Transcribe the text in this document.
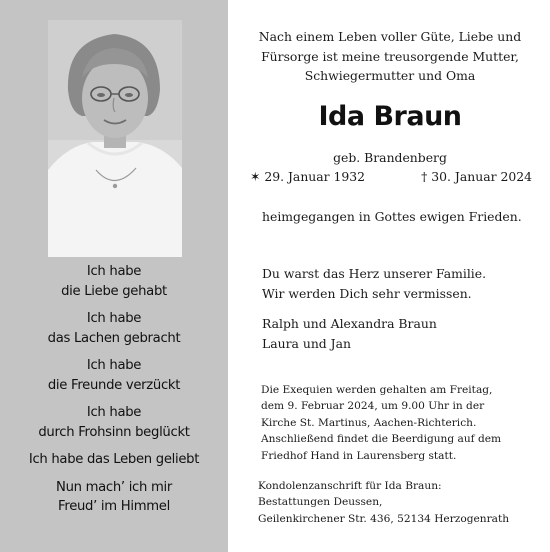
Ich habe
die Liebe gehabt
Ich habe
das Lachen gebracht
Ich habe
die Freunde verzückt
Ich habe
durch Frohsinn beglückt
Ich habe das Leben geliebt
Nun mach’ ich mir
Freud’ im Himmel
Nach einem Leben voller Güte, Liebe und
Fürsorge ist meine treusorgende Mutter,
Schwiegermutter und Oma
Ida Braun
geb. Brandenberg
✶ 29. Januar 1932	† 30. Januar 2024
heimgegangen in Gottes ewigen Frieden.
Du warst das Herz unserer Familie.
Wir werden Dich sehr vermissen.
Ralph und Alexandra Braun
Laura und Jan
Die Exequien werden gehalten am Freitag,
dem 9. Februar 2024, um 9.00 Uhr in der
Kirche St. Martinus, Aachen-Richterich.
Anschließend findet die Beerdigung auf dem
Friedhof Hand in Laurensberg statt.
Kondolenzanschrift für Ida Braun:
Bestattungen Deussen,
Geilenkirchener Str. 436, 52134 Herzogenrath
